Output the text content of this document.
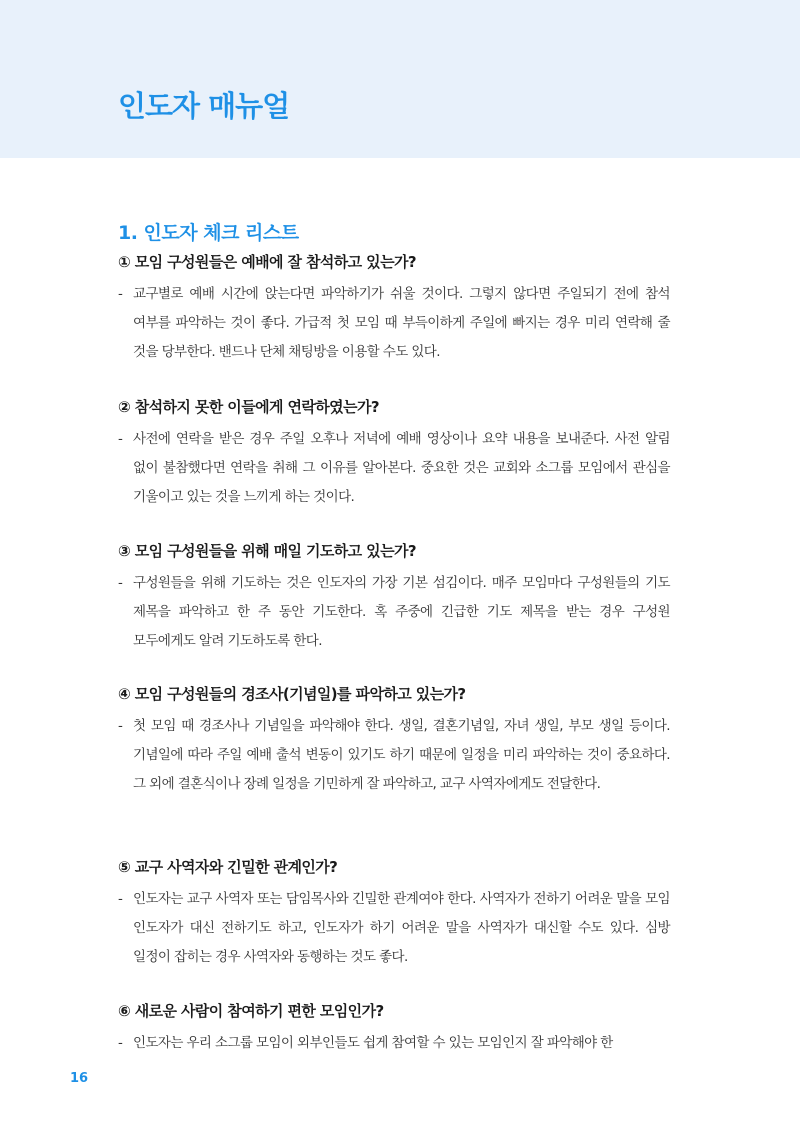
인도자 매뉴얼
1. 인도자 체크 리스트
① 모임 구성원들은 예배에 잘 참석하고 있는가?
- 교구별로 예배 시간에 앉는다면 파악하기가 쉬울 것이다. 그렇지 않다면 주일되기 전에 참석 여부를 파악하는 것이 좋다. 가급적 첫 모임 때 부득이하게 주일에 빠지는 경우 미리 연락해 줄 것을 당부한다. 밴드나 단체 채팅방을 이용할 수도 있다.
② 참석하지 못한 이들에게 연락하였는가?
- 사전에 연락을 받은 경우 주일 오후나 저녁에 예배 영상이나 요약 내용을 보내준다. 사전 알림 없이 불참했다면 연락을 취해 그 이유를 알아본다. 중요한 것은 교회와 소그룹 모임에서 관심을 기울이고 있는 것을 느끼게 하는 것이다.
③ 모임 구성원들을 위해 매일 기도하고 있는가?
- 구성원들을 위해 기도하는 것은 인도자의 가장 기본 섬김이다. 매주 모임마다 구성원들의 기도 제목을 파악하고 한 주 동안 기도한다. 혹 주중에 긴급한 기도 제목을 받는 경우 구성원 모두에게도 알려 기도하도록 한다.
④ 모임 구성원들의 경조사(기념일)를 파악하고 있는가?
- 첫 모임 때 경조사나 기념일을 파악해야 한다. 생일, 결혼기념일, 자녀 생일, 부모 생일 등이다. 기념일에 따라 주일 예배 출석 변동이 있기도 하기 때문에 일정을 미리 파악하는 것이 중요하다. 그 외에 결혼식이나 장례 일정을 기민하게 잘 파악하고, 교구 사역자에게도 전달한다.
⑤ 교구 사역자와 긴밀한 관계인가?
- 인도자는 교구 사역자 또는 담임목사와 긴밀한 관계여야 한다. 사역자가 전하기 어려운 말을 모임 인도자가 대신 전하기도 하고, 인도자가 하기 어려운 말을 사역자가 대신할 수도 있다. 심방 일정이 잡히는 경우 사역자와 동행하는 것도 좋다.
⑥ 새로운 사람이 참여하기 편한 모임인가?
- 인도자는 우리 소그룹 모임이 외부인들도 쉽게 참여할 수 있는 모임인지 잘 파악해야 한
16
